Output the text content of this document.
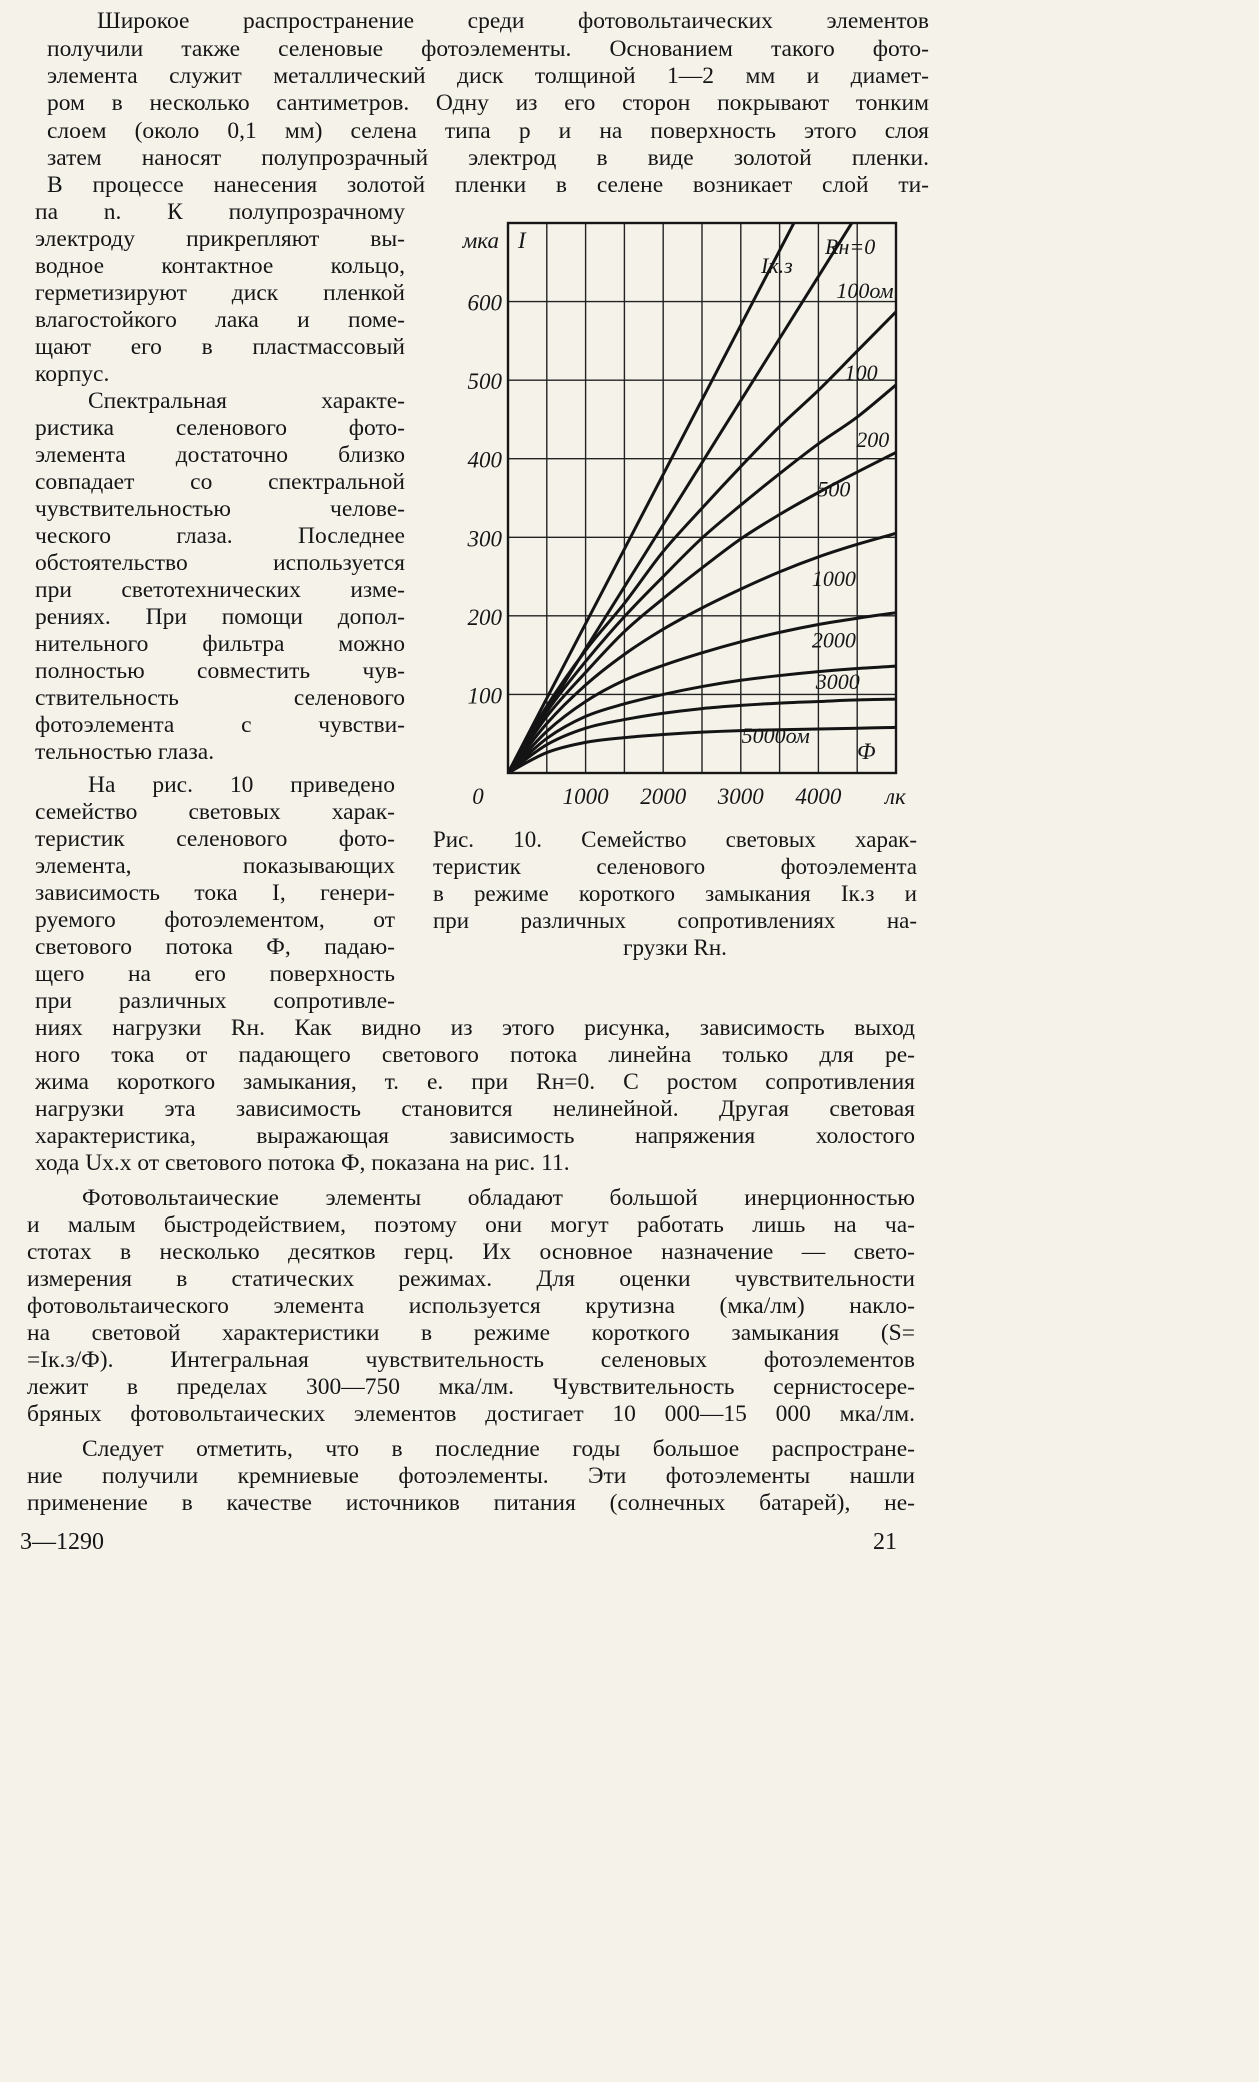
Широкое распространение среди фотовольтаических элементов

получили также селеновые фотоэлементы. Основанием такого фото-

элемента служит металлический диск толщиной 1—2 мм и диамет-

ром в несколько сантиметров. Одну из его сторон покрывают тонким

слоем (около 0,1 мм) селена типа p и на поверхность этого слоя

затем наносят полупрозрачный электрод в виде золотой пленки.

В процессе нанесения золотой пленки в селене возникает слой ти-

па n. К полупрозрачному

электроду прикрепляют вы-

водное контактное кольцо,

герметизируют диск пленкой

влагостойкого лака и поме-

щают его в пластмассовый

корпус.

Спектральная характе-

ристика селенового фото-

элемента достаточно близко

совпадает со спектральной

чувствительностью челове-

ческого глаза. Последнее

обстоятельство используется

при светотехнических изме-

рениях. При помощи допол-

нительного фильтра можно

полностью совместить чув-

ствительность селенового

фотоэлемента с чувстви-

тельностью глаза.

На рис. 10 приведено

семейство световых харак-

теристик селенового фото-

элемента, показывающих

зависимость тока I, генери-

руемого фотоэлементом, от

светового потока Ф, падаю-

щего на его поверхность

при различных сопротивле-

0	1000 2000 3000 4000
100
200
300
400
500
600
мка I
лк
Ф
Iк.з
Rн=0
100ом
100
200
500
1000
2000
3000
5000ом

Рис. 10. Семейство световых харак-

теристик селенового фотоэлемента

в режиме короткого замыкания Iк.з и

при различных сопротивлениях на-

грузки Rн.

ниях нагрузки Rн. Как видно из этого рисунка, зависимость выход

ного тока от падающего светового потока линейна только для ре-

жима короткого замыкания, т. е. при Rн=0. С ростом сопротивления

нагрузки эта зависимость становится нелинейной. Другая световая

характеристика, выражающая зависимость напряжения холостого

хода Uх.х от светового потока Ф, показана на рис. 11.

Фотовольтаические элементы обладают большой инерционностью

и малым быстродействием, поэтому они могут работать лишь на ча-

стотах в несколько десятков герц. Их основное назначение — свето-

измерения в статических режимах. Для оценки чувствительности

фотовольтаического элемента используется крутизна (мка/лм) накло-

на световой характеристики в режиме короткого замыкания (S=

=Iк.з/Ф). Интегральная чувствительность селеновых фотоэлементов

лежит в пределах 300—750 мка/лм. Чувствительность сернистосере-

бряных фотовольтаических элементов достигает 10 000—15 000 мка/лм.

Следует отметить, что в последние годы большое распростране-

ние получили кремниевые фотоэлементы. Эти фотоэлементы нашли

применение в качестве источников питания (солнечных батарей), не-

3—1290	21
